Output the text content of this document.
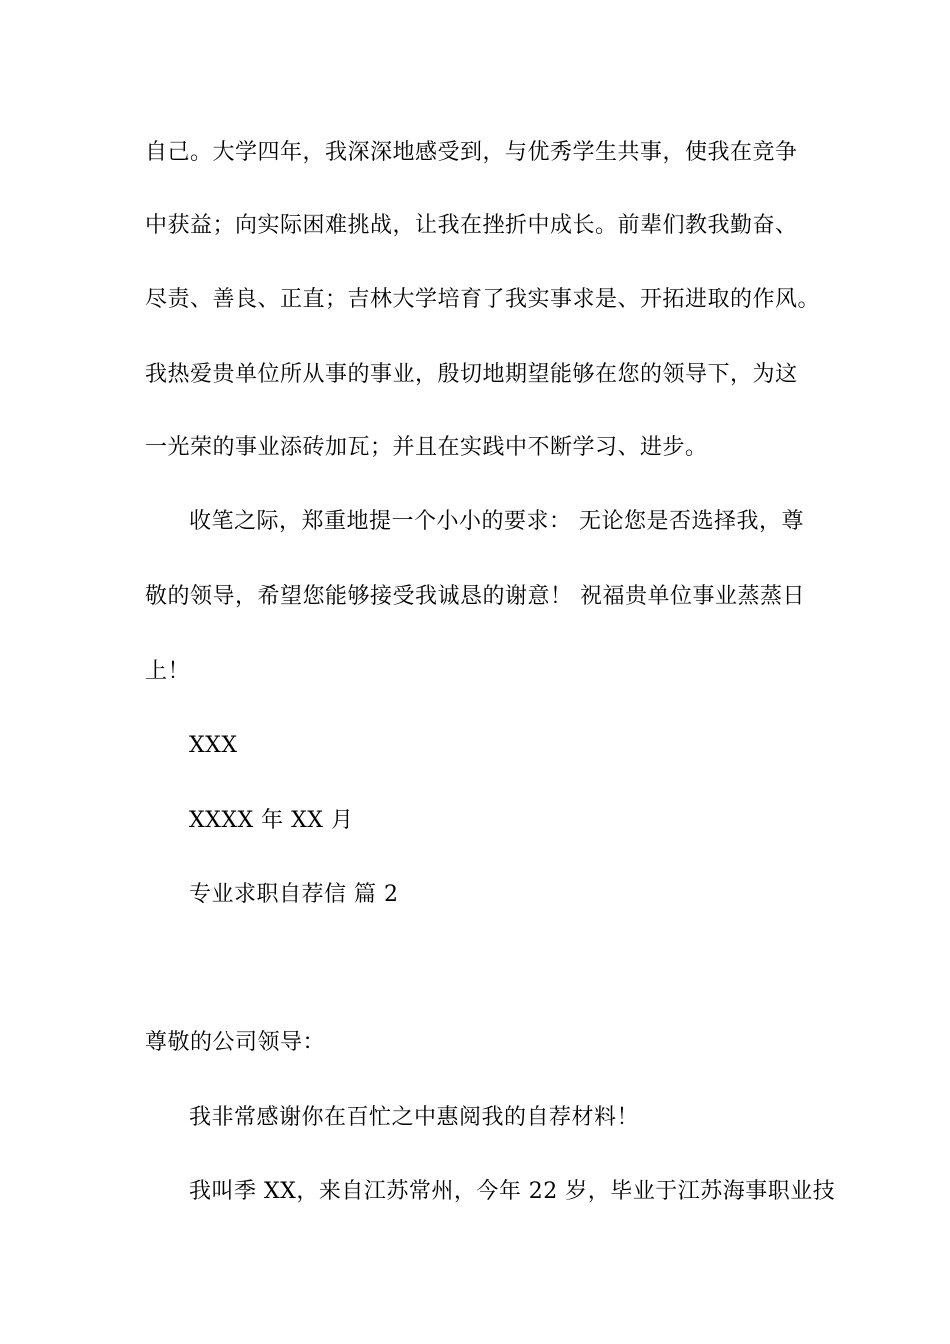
自己。大学四年，我深深地感受到，与优秀学生共事，使我在竞争
中获益；向实际困难挑战，让我在挫折中成长。前辈们教我勤奋、
尽责、善良、正直；吉林大学培育了我实事求是、开拓进取的作风。
我热爱贵单位所从事的事业，殷切地期望能够在您的领导下，为这
一光荣的事业添砖加瓦；并且在实践中不断学习、进步。
收笔之际，郑重地提一个小小的要求： 无论您是否选择我，尊
敬的领导，希望您能够接受我诚恳的谢意！ 祝福贵单位事业蒸蒸日
上！
XXX
XXXX 年 XX 月
专业求职自荐信 篇 2
尊敬的公司领导：
我非常感谢你在百忙之中惠阅我的自荐材料！
我叫季 XX，来自江苏常州，今年 22 岁，毕业于江苏海事职业技
